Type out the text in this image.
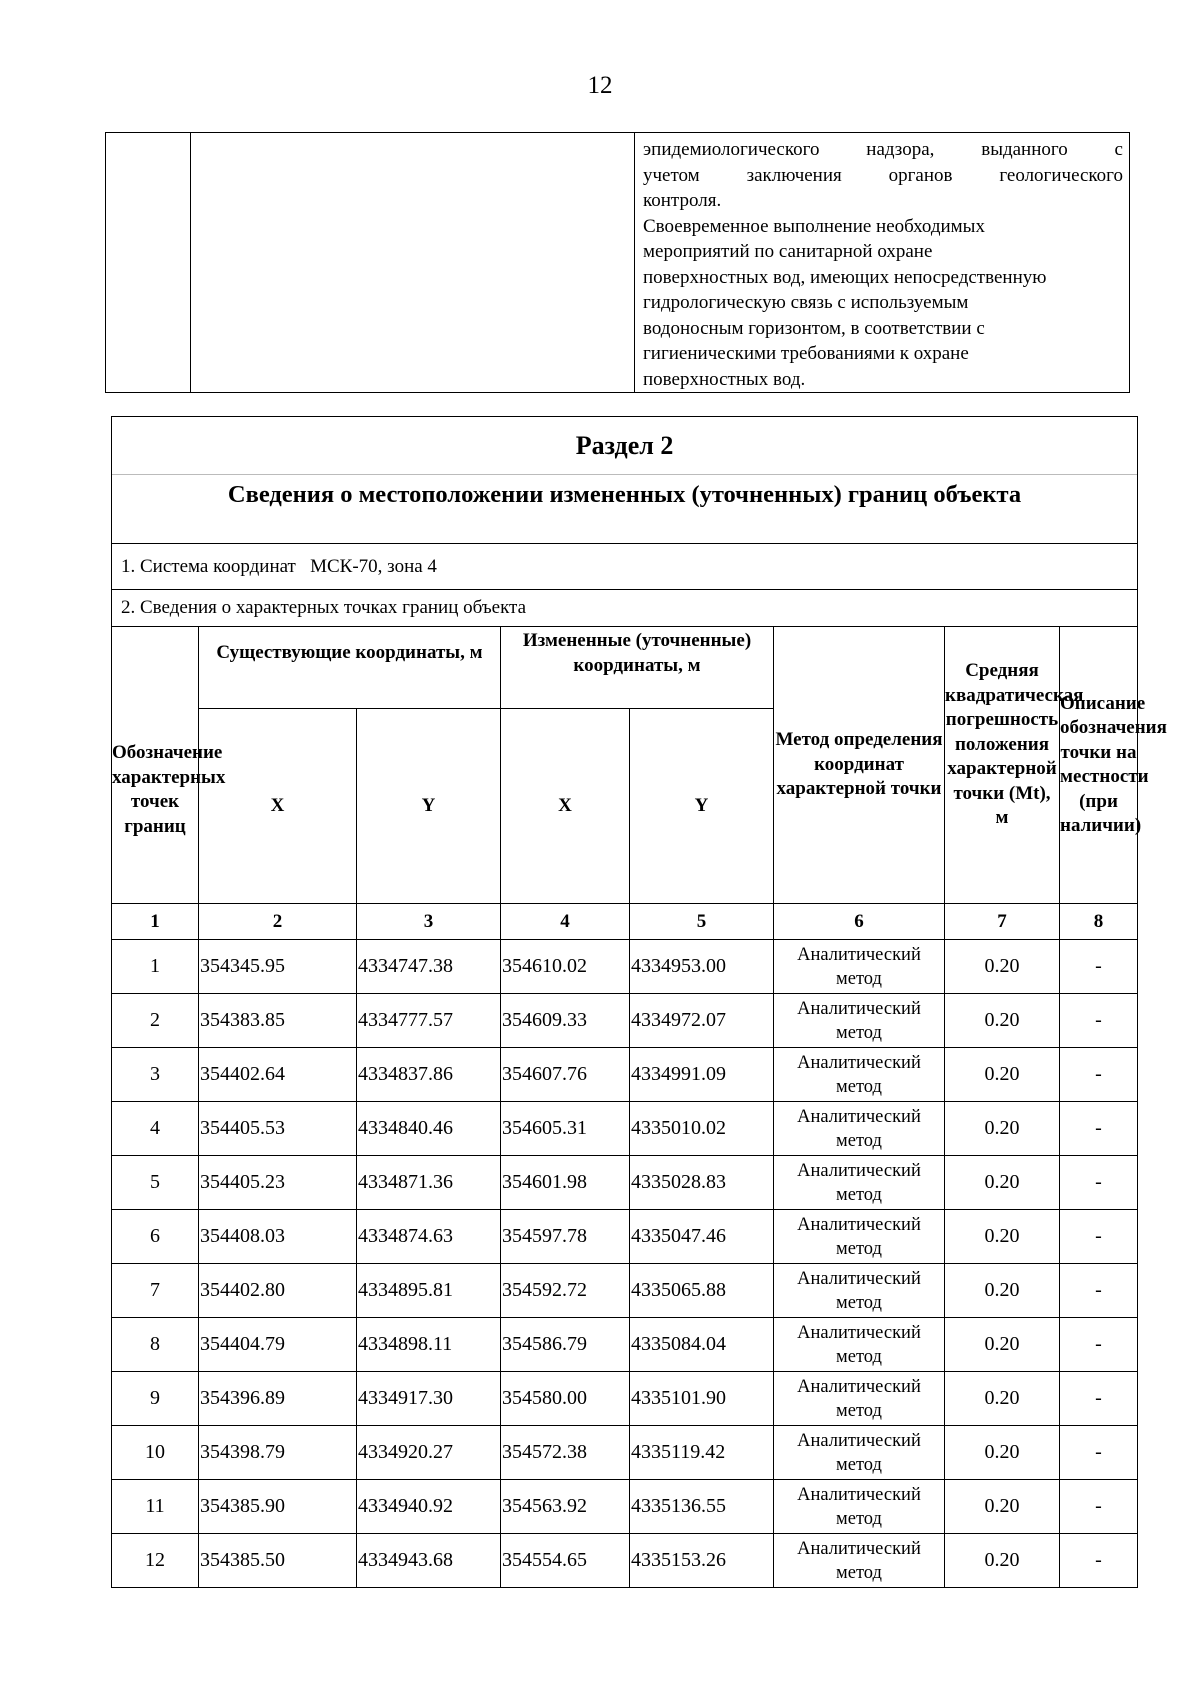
12

эпидемиологического надзора, выданного с
учетом заключения органов геологического
контроля.
Своевременное выполнение необходимых
мероприятий по санитарной охране
поверхностных вод, имеющих непосредственную
гидрологическую связь с используемым
водоносным горизонтом, в соответствии с
гигиеническими требованиями к охране
поверхностных вод.
Раздел 2							
Сведения о местоположении измененных (уточненных) границ объекта							
1. Система координат МСК-70, зона 4							
2. Сведения о характерных точках границ объекта							
Обозначение характерных точек границ	Существующие координаты, м		Измененные (уточненные) координаты, м		Метод определения координат характерной точки	Средняя квадратическая погрешность положения характерной точки (Mt), м	Описание обозначения точки на местности (при наличии)
	X	Y	X	Y			
1	2	3	4	5	6	7	8
1	354345.95	4334747.38	354610.02	4334953.00	Аналитический метод	0.20	-
2	354383.85	4334777.57	354609.33	4334972.07	Аналитический метод	0.20	-
3	354402.64	4334837.86	354607.76	4334991.09	Аналитический метод	0.20	-
4	354405.53	4334840.46	354605.31	4335010.02	Аналитический метод	0.20	-
5	354405.23	4334871.36	354601.98	4335028.83	Аналитический метод	0.20	-
6	354408.03	4334874.63	354597.78	4335047.46	Аналитический метод	0.20	-
7	354402.80	4334895.81	354592.72	4335065.88	Аналитический метод	0.20	-
8	354404.79	4334898.11	354586.79	4335084.04	Аналитический метод	0.20	-
9	354396.89	4334917.30	354580.00	4335101.90	Аналитический метод	0.20	-
10	354398.79	4334920.27	354572.38	4335119.42	Аналитический метод	0.20	-
11	354385.90	4334940.92	354563.92	4335136.55	Аналитический метод	0.20	-
12	354385.50	4334943.68	354554.65	4335153.26	Аналитический метод	0.20	-
